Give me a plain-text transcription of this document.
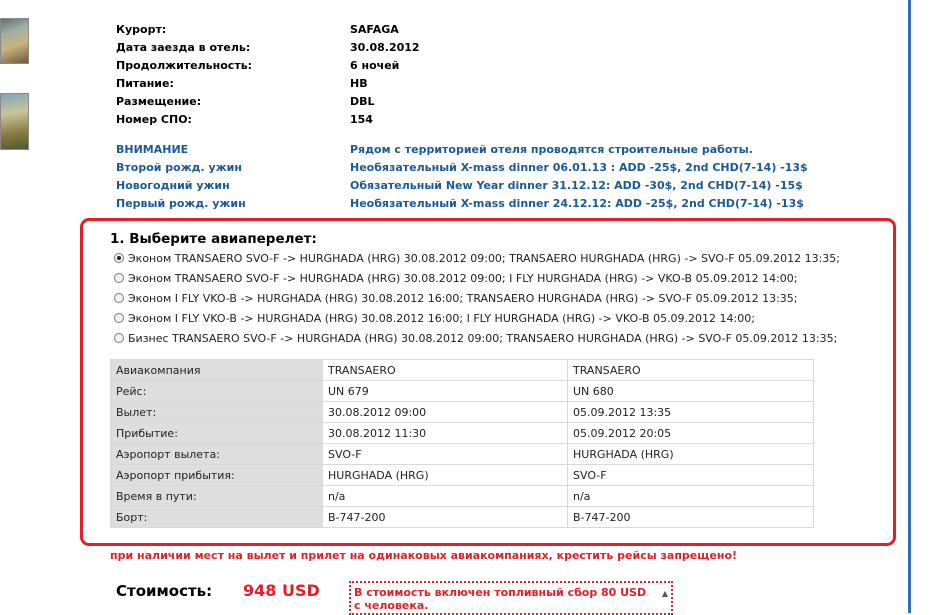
Курорт:	SAFAGA
Дата заезда в отель:	30.08.2012
Продолжительность:	6 ночей
Питание:	HB
Размещение:	DBL
Номер СПО:	154
ВНИМАНИЕ	Рядом с территорией отеля проводятся строительные работы.
Второй рожд. ужин	Необязательный X-mass dinner 06.01.13 : ADD -25$, 2nd CHD(7-14) -13$
Новогодний ужин	Обязательный New Year dinner 31.12.12: ADD -30$, 2nd CHD(7-14) -15$
Первый рожд. ужин	Необязательный X-mass dinner 24.12.12: ADD -25$, 2nd CHD(7-14) -13$
1. Выберите авиаперелет:
Эконом TRANSAERO SVO-F -> HURGHADA (HRG) 30.08.2012 09:00; TRANSAERO HURGHADA (HRG) -> SVO-F 05.09.2012 13:35;
Эконом TRANSAERO SVO-F -> HURGHADA (HRG) 30.08.2012 09:00; I FLY HURGHADA (HRG) -> VKO-B 05.09.2012 14:00;
Эконом I FLY VKO-B -> HURGHADA (HRG) 30.08.2012 16:00; TRANSAERO HURGHADA (HRG) -> SVO-F 05.09.2012 13:35;
Эконом I FLY VKO-B -> HURGHADA (HRG) 30.08.2012 16:00; I FLY HURGHADA (HRG) -> VKO-B 05.09.2012 14:00;
Бизнес TRANSAERO SVO-F -> HURGHADA (HRG) 30.08.2012 09:00; TRANSAERO HURGHADA (HRG) -> SVO-F 05.09.2012 13:35;
Авиакомпания	TRANSAERO	TRANSAERO
Рейс:	UN 679	UN 680
Вылет:	30.08.2012 09:00	05.09.2012 13:35
Прибытие:	30.08.2012 11:30	05.09.2012 20:05
Аэропорт вылета:	SVO-F	HURGHADA (HRG)
Аэропорт прибытия:	HURGHADA (HRG)	SVO-F
Время в пути:	n/a	n/a
Борт:	B-747-200	B-747-200
при наличии мест на вылет и прилет на одинаковых авиакомпаниях, крестить рейсы запрещено!
Стоимость: 948 USD	В стоимость включен топливный сбор 80 USD с человека.
▲
